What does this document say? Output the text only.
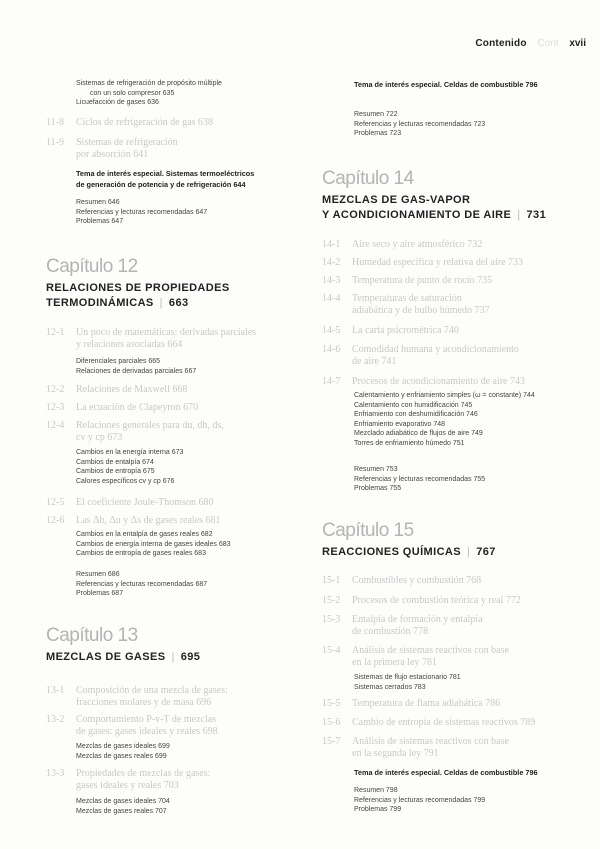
Contenido Cont xvii
Sistemas de refrigeración de propósito múltiple
con un solo compresor 635
Licuefacción de gases 636
11-8	Ciclos de refrigeración de gas 638
11-9	Sistemas de refrigeración
por absorción 641
Tema de interés especial. Sistemas termoeléctricos
de generación de potencia y de refrigeración 644
Resumen 646
Referencias y lecturas recomendadas 647
Problemas 647
Capítulo 12
RELACIONES DE PROPIEDADES
TERMODINÁMICAS | 663
12-1	Un poco de matemáticas: derivadas parciales
y relaciones asociadas 664
Diferenciales parciales 665
Relaciones de derivadas parciales 667
12-2	Relaciones de Maxwell 668
12-3	La ecuación de Clapeyron 670
12-4	Relaciones generales para du, dh, ds,
cv y cp 673
Cambios en la energía interna 673
Cambios de entalpía 674
Cambios de entropía 675
Calores específicos cv y cp 676
12-5	El coeficiente Joule-Thomson 680
12-6	Las Δh, Δu y Δs de gases reales 681
Cambios en la entalpía de gases reales 682
Cambios de energía interna de gases ideales 683
Cambios de entropía de gases reales 683
Resumen 686
Referencias y lecturas recomendadas 687
Problemas 687
Capítulo 13
MEZCLAS DE GASES | 695
13-1	Composición de una mezcla de gases:
fracciones molares y de masa 696
13-2	Comportamiento P-v-T de mezclas
de gases: gases ideales y reales 698
Mezclas de gases ideales 699
Mezclas de gases reales 699
13-3	Propiedades de mezclas de gases:
gases ideales y reales 703
Mezclas de gases ideales 704
Mezclas de gases reales 707
Tema de interés especial. Celdas de combustible 796
Resumen 722
Referencias y lecturas recomendadas 723
Problemas 723
Capítulo 14
MEZCLAS DE GAS-VAPOR
Y ACONDICIONAMIENTO DE AIRE | 731
14-1	Aire seco y aire atmosférico 732
14-2	Humedad específica y relativa del aire 733
14-3	Temperatura de punto de rocío 735
14-4	Temperaturas de saturación
adiabática y de bulbo húmedo 737
14-5	La carta psicrométrica 740
14-6	Comodidad humana y acondicionamiento
de aire 741
14-7	Procesos de acondicionamiento de aire 743
Calentamiento y enfriamiento simples (ω = constante) 744
Calentamiento con humidificación 745
Enfriamiento con deshumidificación 746
Enfriamiento evaporativo 748
Mezclado adiabático de flujos de aire 749
Torres de enfriamiento húmedo 751
Resumen 753
Referencias y lecturas recomendadas 755
Problemas 755
Capítulo 15
REACCIONES QUÍMICAS | 767
15-1	Combustibles y combustión 768
15-2	Procesos de combustión teórica y real 772
15-3	Entalpía de formación y entalpía
de combustión 778
15-4	Análisis de sistemas reactivos con base
en la primera ley 781
Sistemas de flujo estacionario 781
Sistemas cerrados 783
15-5	Temperatura de flama adiabática 786
15-6	Cambio de entropía de sistemas reactivos 789
15-7	Análisis de sistemas reactivos con base
en la segunda ley 791
Tema de interés especial. Celdas de combustible 796
Resumen 798
Referencias y lecturas recomendadas 799
Problemas 799
